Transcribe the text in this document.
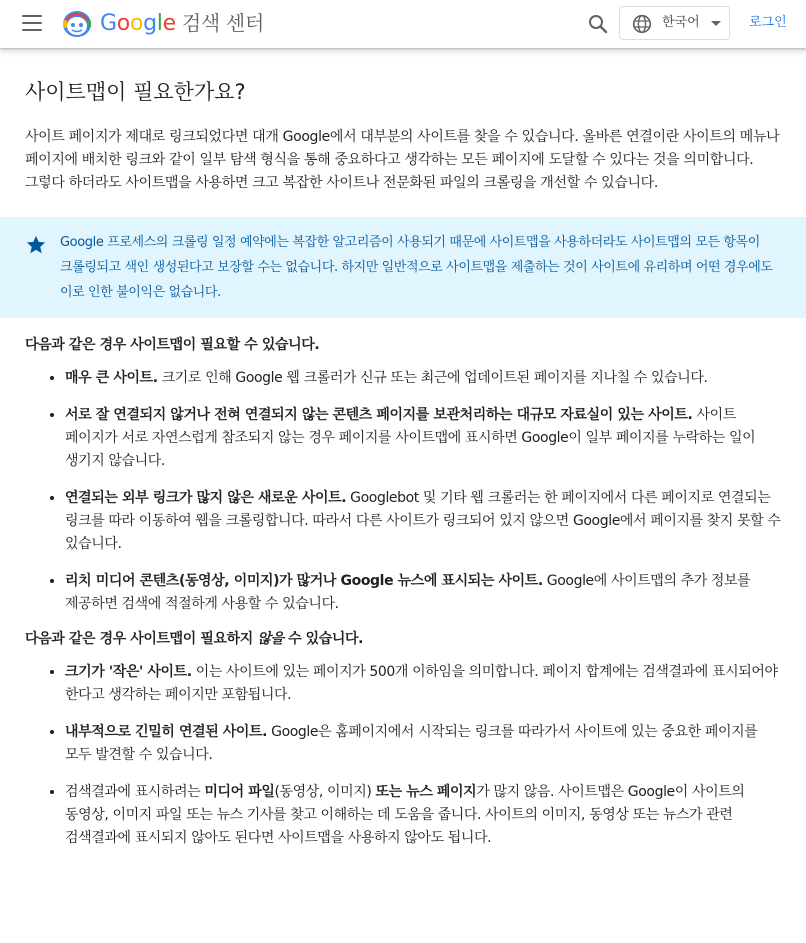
Google 검색 센터	한국어	로그인
사이트맵이 필요한가요?

사이트 페이지가 제대로 링크되었다면 대개 Google에서 대부분의 사이트를 찾을 수 있습니다. 올바른 연결이란 사이트의 메뉴나 페이지에 배치한 링크와 같이 일부 탐색 형식을 통해 중요하다고 생각하는 모든 페이지에 도달할 수 있다는 것을 의미합니다. 그렇다 하더라도 사이트맵을 사용하면 크고 복잡한 사이트나 전문화된 파일의 크롤링을 개선할 수 있습니다.

Google 프로세스의 크롤링 일정 예약에는 복잡한 알고리즘이 사용되기 때문에 사이트맵을 사용하더라도 사이트맵의 모든 항목이 크롤링되고 색인 생성된다고 보장할 수는 없습니다. 하지만 일반적으로 사이트맵을 제출하는 것이 사이트에 유리하며 어떤 경우에도 이로 인한 불이익은 없습니다.

다음과 같은 경우 사이트맵이 필요할 수 있습니다.

• 매우 큰 사이트. 크기로 인해 Google 웹 크롤러가 신규 또는 최근에 업데이트된 페이지를 지나칠 수 있습니다.
• 서로 잘 연결되지 않거나 전혀 연결되지 않는 콘텐츠 페이지를 보관처리하는 대규모 자료실이 있는 사이트. 사이트 페이지가 서로 자연스럽게 참조되지 않는 경우 페이지를 사이트맵에 표시하면 Google이 일부 페이지를 누락하는 일이 생기지 않습니다.
• 연결되는 외부 링크가 많지 않은 새로운 사이트. Googlebot 및 기타 웹 크롤러는 한 페이지에서 다른 페이지로 연결되는 링크를 따라 이동하여 웹을 크롤링합니다. 따라서 다른 사이트가 링크되어 있지 않으면 Google에서 페이지를 찾지 못할 수 있습니다.
• 리치 미디어 콘텐츠(동영상, 이미지)가 많거나 Google 뉴스에 표시되는 사이트. Google에 사이트맵의 추가 정보를 제공하면 검색에 적절하게 사용할 수 있습니다.

다음과 같은 경우 사이트맵이 필요하지 않을 수 있습니다.

• 크기가 '작은' 사이트. 이는 사이트에 있는 페이지가 500개 이하임을 의미합니다. 페이지 합계에는 검색결과에 표시되어야 한다고 생각하는 페이지만 포함됩니다.
• 내부적으로 긴밀히 연결된 사이트. Google은 홈페이지에서 시작되는 링크를 따라가서 사이트에 있는 중요한 페이지를 모두 발견할 수 있습니다.
• 검색결과에 표시하려는 미디어 파일(동영상, 이미지) 또는 뉴스 페이지가 많지 않음. 사이트맵은 Google이 사이트의 동영상, 이미지 파일 또는 뉴스 기사를 찾고 이해하는 데 도움을 줍니다. 사이트의 이미지, 동영상 또는 뉴스가 관련 검색결과에 표시되지 않아도 된다면 사이트맵을 사용하지 않아도 됩니다.
